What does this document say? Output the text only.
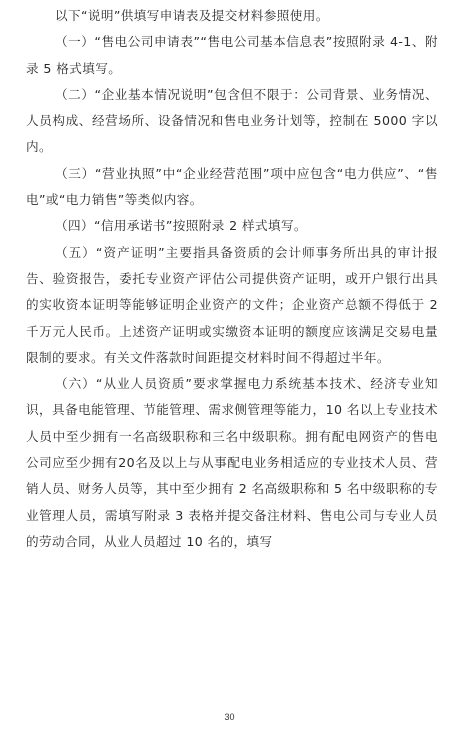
以下“说明”供填写申请表及提交材料参照使用。

（一）“售电公司申请表”“售电公司基本信息表”按照附录 4-1、附录 5 格式填写。

（二）“企业基本情况说明”包含但不限于：公司背景、业务情况、人员构成、经营场所、设备情况和售电业务计划等，控制在 5000 字以内。

（三）“营业执照”中“企业经营范围”项中应包含“电力供应”、“售电”或“电力销售”等类似内容。

（四）“信用承诺书”按照附录 2 样式填写。

（五）“资产证明”主要指具备资质的会计师事务所出具的审计报告、验资报告，委托专业资产评估公司提供资产证明，或开户银行出具的实收资本证明等能够证明企业资产的文件；企业资产总额不得低于 2 千万元人民币。上述资产证明或实缴资本证明的额度应该满足交易电量限制的要求。有关文件落款时间距提交材料时间不得超过半年。

（六）“从业人员资质”要求掌握电力系统基本技术、经济专业知识，具备电能管理、节能管理、需求侧管理等能力，10 名以上专业技术人员中至少拥有一名高级职称和三名中级职称。拥有配电网资产的售电公司应至少拥有20名及以上与从事配电业务相适应的专业技术人员、营销人员、财务人员等，其中至少拥有 2 名高级职称和 5 名中级职称的专业管理人员，需填写附录 3 表格并提交备注材料、售电公司与专业人员的劳动合同，从业人员超过 10 名的，填写

30
